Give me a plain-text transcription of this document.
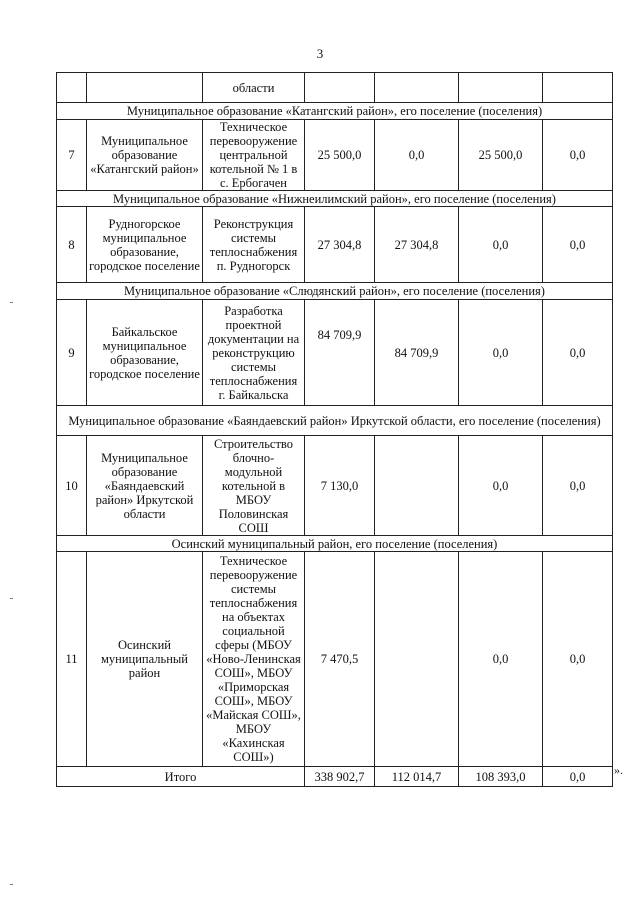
3
		области				
Муниципальное образование «Катангский район», его поселение (поселения)						
7	Муниципальное образование «Катангский район»	Техническое перевооружение центральной котельной № 1 в с. Ербогачен	25 500,0	0,0	25 500,0	0,0
Муниципальное образование «Нижнеилимский район», его поселение (поселения)						
8	Рудногорское муниципальное образование, городское поселение	Реконструкция системы теплоснабжения п. Рудногорск	27 304,8	27 304,8	0,0	0,0
Муниципальное образование «Слюдянский район», его поселение (поселения)						
9	Байкальское муниципальное образование, городское поселение	Разработка проектной документации на реконструкцию системы теплоснабжения г. Байкальска	84 709,9	84 709,9	0,0	0,0
Муниципальное образование «Баяндаевский район» Иркутской области, его поселение (поселения)						
10	Муниципальное образование «Баяндаевский район» Иркутской области	Строительство блочно-модульной котельной в МБОУ Половинская СОШ	7 130,0		0,0	0,0
Осинский муниципальный район, его поселение (поселения)						
11	Осинский муниципальный район	Техническое перевооружение системы теплоснабжения на объектах социальной сферы (МБОУ «Ново-Ленинская СОШ», МБОУ «Приморская СОШ», МБОУ «Майская СОШ», МБОУ «Кахинская СОШ»)	7 470,5		0,0	0,0
Итого			338 902,7	112 014,7	108 393,0	0,0 ».
